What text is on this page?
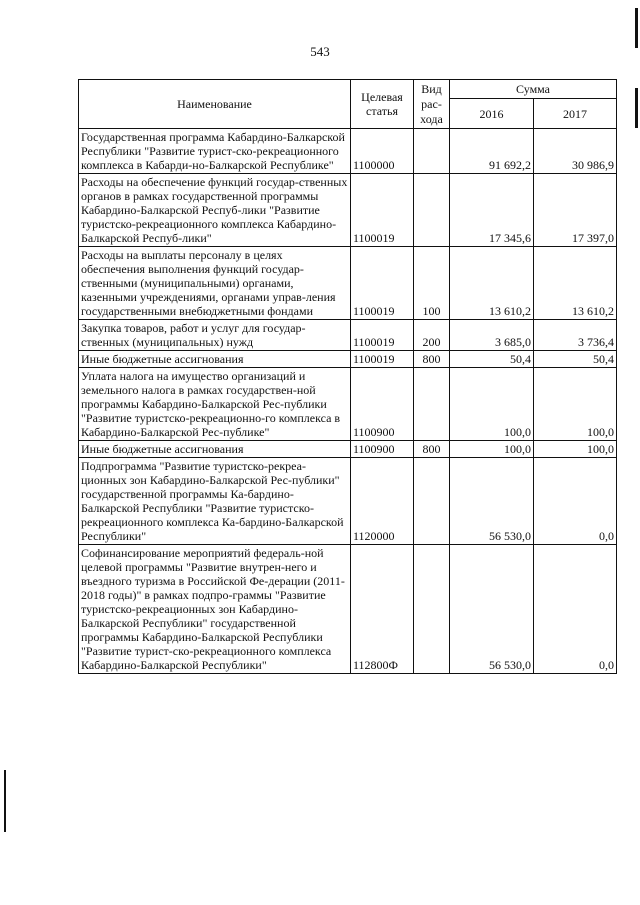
543
Наименование	Целевая статья	Вид рас-хода	Сумма	
			2016	2017
Государственная программа Кабардино-Балкарской Республики "Развитие турист-ско-рекреационного комплекса в Кабарди-но-Балкарской Республике"	1100000		91 692,2	30 986,9
Расходы на обеспечение функций государ-ственных органов в рамках государственной программы Кабардино-Балкарской Респуб-лики "Развитие туристско-рекреационного комплекса Кабардино-Балкарской Респуб-лики"	1100019		17 345,6	17 397,0
Расходы на выплаты персоналу в целях обеспечения выполнения функций государ-ственными (муниципальными) органами, казенными учреждениями, органами управ-ления государственными внебюджетными фондами	1100019	100	13 610,2	13 610,2
Закупка товаров, работ и услуг для государ-ственных (муниципальных) нужд	1100019	200	3 685,0	3 736,4
Иные бюджетные ассигнования	1100019	800	50,4	50,4
Уплата налога на имущество организаций и земельного налога в рамках государствен-ной программы Кабардино-Балкарской Рес-публики "Развитие туристско-рекреационно-го комплекса в Кабардино-Балкарской Рес-публике"	1100900		100,0	100,0
Иные бюджетные ассигнования	1100900	800	100,0	100,0
Подпрограмма "Развитие туристско-рекреа-ционных зон Кабардино-Балкарской Рес-публики" государственной программы Ка-бардино-Балкарской Республики "Развитие туристско-рекреационного комплекса Ка-бардино-Балкарской Республики"	1120000		56 530,0	0,0
Софинансирование мероприятий федераль-ной целевой программы "Развитие внутрен-него и въездного туризма в Российской Фе-дерации (2011-2018 годы)" в рамках подпро-граммы "Развитие туристско-рекреационных зон Кабардино-Балкарской Республики" государственной программы Кабардино-Балкарской Республики "Развитие турист-ско-рекреационного комплекса Кабардино-Балкарской Республики"	112800Ф		56 530,0	0,0
